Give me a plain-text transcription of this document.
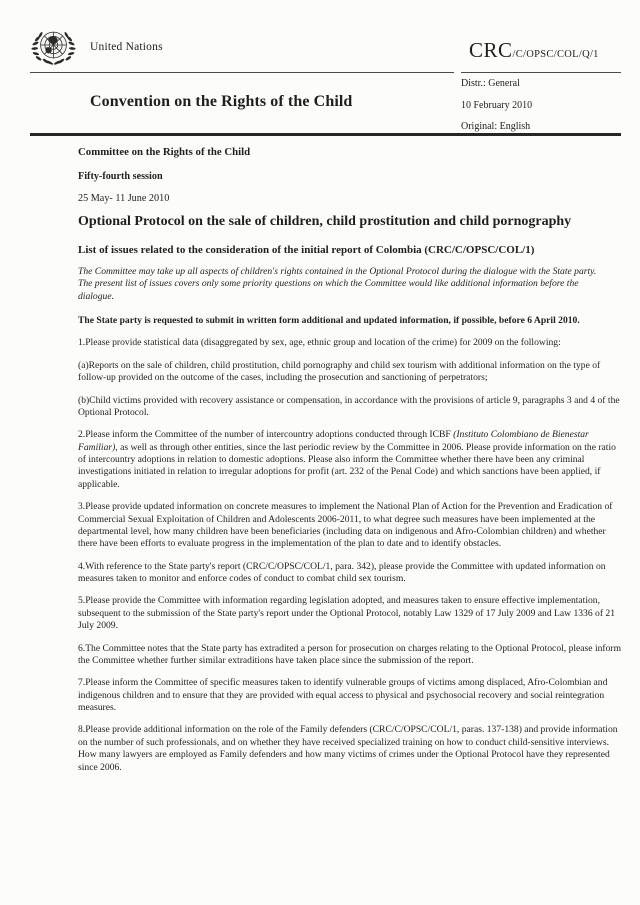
United Nations	CRC/C/OPSC/COL/Q/1
Convention on the Rights of the Child
Distr.: General
10 February 2010
Original: English

Committee on the Rights of the Child

Fifty-fourth session

25 May- 11 June 2010

Optional Protocol on the sale of children, child prostitution and child pornography
List of issues related to the consideration of the initial report of Colombia (CRC/C/OPSC/COL/1)

The Committee may take up all aspects of children's rights contained in the Optional Protocol during the dialogue with the State party. The present list of issues covers only some priority questions on which the Committee would like additional information before the dialogue.

The State party is requested to submit in written form additional and updated information, if possible, before 6 April 2010.

1.Please provide statistical data (disaggregated by sex, age, ethnic group and location of the crime) for 2009 on the following:

(a)Reports on the sale of children, child prostitution, child pornography and child sex tourism with additional information on the type of follow-up provided on the outcome of the cases, including the prosecution and sanctioning of perpetrators;

(b)Child victims provided with recovery assistance or compensation, in accordance with the provisions of article 9, paragraphs 3 and 4 of the Optional Protocol.

2.Please inform the Committee of the number of intercountry adoptions conducted through ICBF (Instituto Colombiano de Bienestar Familiar), as well as through other entities, since the last periodic review by the Committee in 2006. Please provide information on the ratio of intercountry adoptions in relation to domestic adoptions. Please also inform the Committee whether there have been any criminal investigations initiated in relation to irregular adoptions for profit (art. 232 of the Penal Code) and which sanctions have been applied, if applicable.

3.Please provide updated information on concrete measures to implement the National Plan of Action for the Prevention and Eradication of Commercial Sexual Exploitation of Children and Adolescents 2006-2011, to what degree such measures have been implemented at the departmental level, how many children have been beneficiaries (including data on indigenous and Afro-Colombian children) and whether there have been efforts to evaluate progress in the implementation of the plan to date and to identify obstacles.

4.With reference to the State party's report (CRC/C/OPSC/COL/1, para. 342), please provide the Committee with updated information on measures taken to monitor and enforce codes of conduct to combat child sex tourism.

5.Please provide the Committee with information regarding legislation adopted, and measures taken to ensure effective implementation, subsequent to the submission of the State party's report under the Optional Protocol, notably Law 1329 of 17 July 2009 and Law 1336 of 21 July 2009.

6.The Committee notes that the State party has extradited a person for prosecution on charges relating to the Optional Protocol, please inform the Committee whether further similar extraditions have taken place since the submission of the report.

7.Please inform the Committee of specific measures taken to identify vulnerable groups of victims among displaced, Afro-Colombian and indigenous children and to ensure that they are provided with equal access to physical and psychosocial recovery and social reintegration measures.

8.Please provide additional information on the role of the Family defenders (CRC/C/OPSC/COL/1, paras. 137-138) and provide information on the number of such professionals, and on whether they have received specialized training on how to conduct child-sensitive interviews. How many lawyers are employed as Family defenders and how many victims of crimes under the Optional Protocol have they represented since 2006.
